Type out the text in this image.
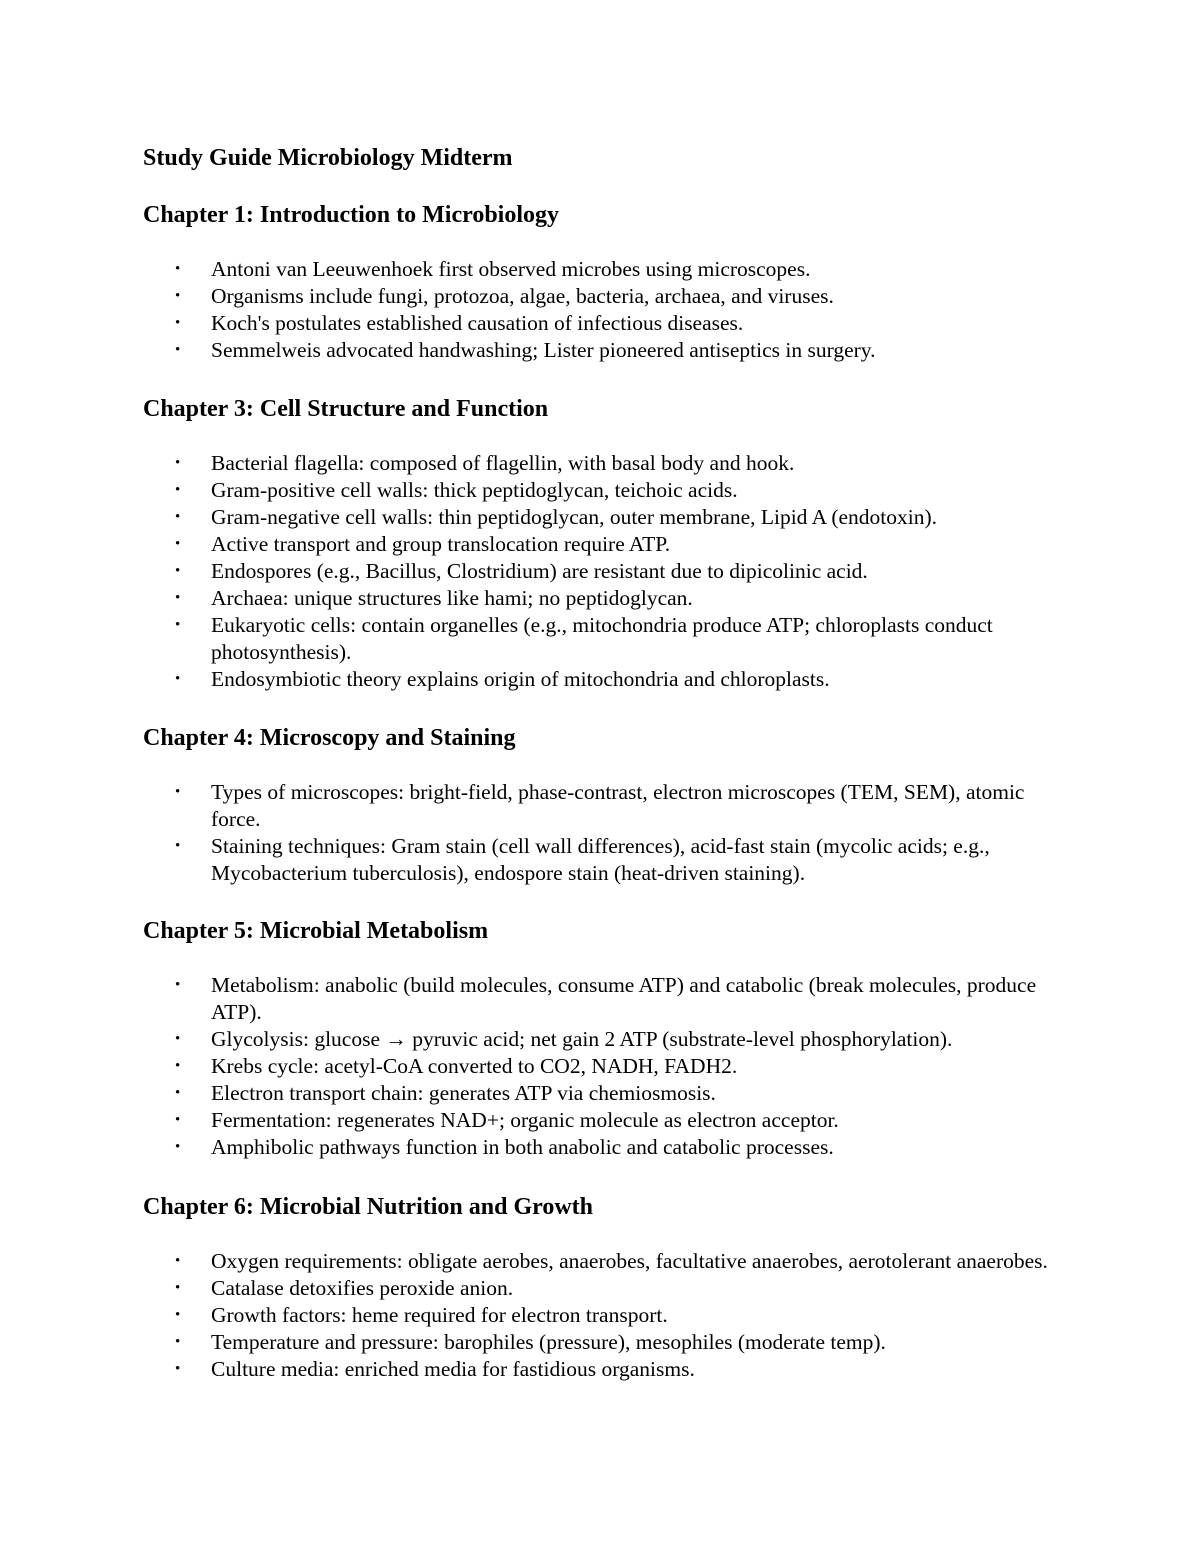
Study Guide Microbiology Midterm
Chapter 1: Introduction to Microbiology
• Antoni van Leeuwenhoek first observed microbes using microscopes.
• Organisms include fungi, protozoa, algae, bacteria, archaea, and viruses.
• Koch's postulates established causation of infectious diseases.
• Semmelweis advocated handwashing; Lister pioneered antiseptics in surgery.
Chapter 3: Cell Structure and Function
• Bacterial flagella: composed of flagellin, with basal body and hook.
• Gram-positive cell walls: thick peptidoglycan, teichoic acids.
• Gram-negative cell walls: thin peptidoglycan, outer membrane, Lipid A (endotoxin).
• Active transport and group translocation require ATP.
• Endospores (e.g., Bacillus, Clostridium) are resistant due to dipicolinic acid.
• Archaea: unique structures like hami; no peptidoglycan.
• Eukaryotic cells: contain organelles (e.g., mitochondria produce ATP; chloroplasts conduct photosynthesis).
• Endosymbiotic theory explains origin of mitochondria and chloroplasts.
Chapter 4: Microscopy and Staining
• Types of microscopes: bright-field, phase-contrast, electron microscopes (TEM, SEM), atomic force.
• Staining techniques: Gram stain (cell wall differences), acid-fast stain (mycolic acids; e.g., Mycobacterium tuberculosis), endospore stain (heat-driven staining).
Chapter 5: Microbial Metabolism
• Metabolism: anabolic (build molecules, consume ATP) and catabolic (break molecules, produce ATP).
• Glycolysis: glucose → pyruvic acid; net gain 2 ATP (substrate-level phosphorylation).
• Krebs cycle: acetyl-CoA converted to CO2, NADH, FADH2.
• Electron transport chain: generates ATP via chemiosmosis.
• Fermentation: regenerates NAD+; organic molecule as electron acceptor.
• Amphibolic pathways function in both anabolic and catabolic processes.
Chapter 6: Microbial Nutrition and Growth
• Oxygen requirements: obligate aerobes, anaerobes, facultative anaerobes, aerotolerant anaerobes.
• Catalase detoxifies peroxide anion.
• Growth factors: heme required for electron transport.
• Temperature and pressure: barophiles (pressure), mesophiles (moderate temp).
• Culture media: enriched media for fastidious organisms.
